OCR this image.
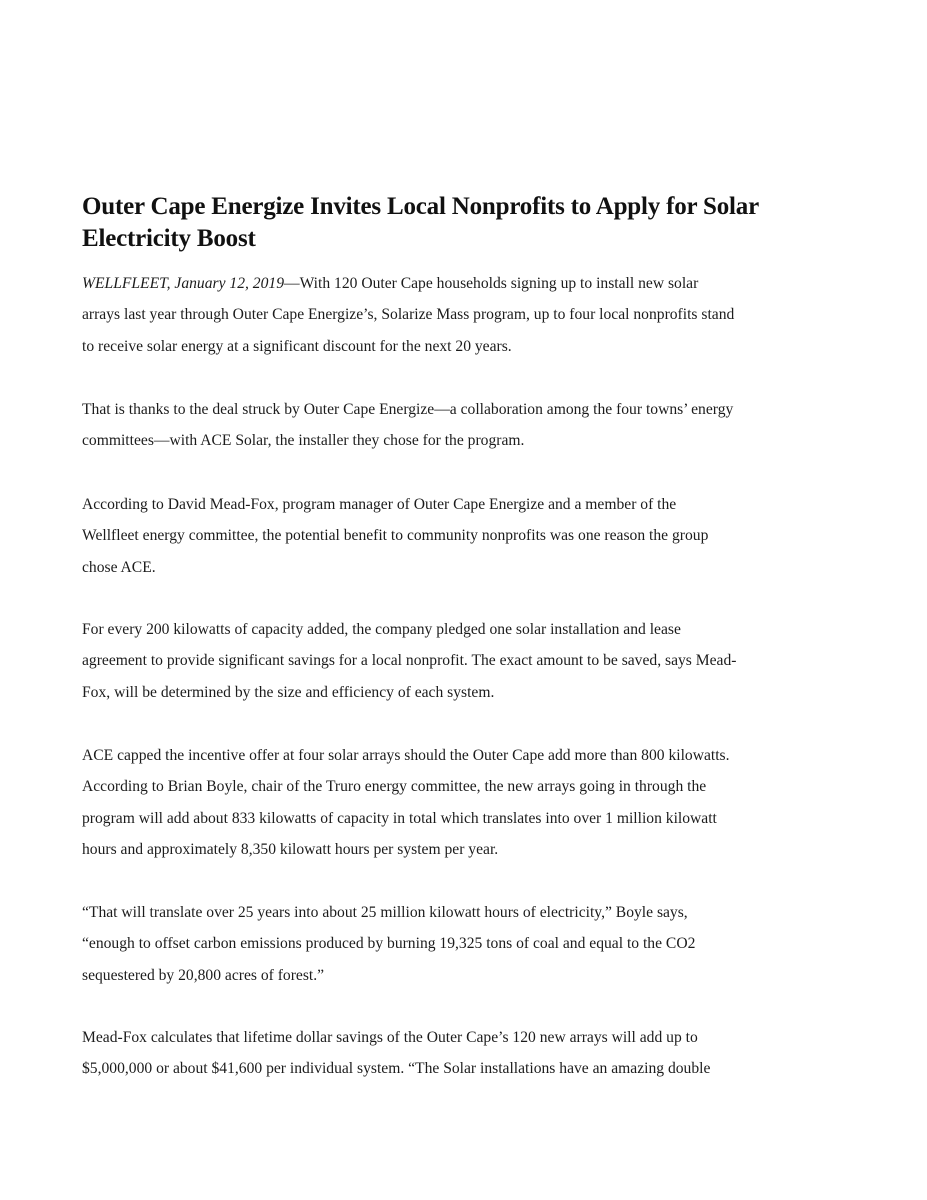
Outer Cape Energize Invites Local Nonprofits to Apply for Solar
Electricity Boost

WELLFLEET, January 12, 2019—With 120 Outer Cape households signing up to install new solar
arrays last year through Outer Cape Energize’s, Solarize Mass program, up to four local nonprofits stand
to receive solar energy at a significant discount for the next 20 years.

That is thanks to the deal struck by Outer Cape Energize—a collaboration among the four towns’ energy
committees—with ACE Solar, the installer they chose for the program.

According to David Mead-Fox, program manager of Outer Cape Energize and a member of the
Wellfleet energy committee, the potential benefit to community nonprofits was one reason the group
chose ACE.

For every 200 kilowatts of capacity added, the company pledged one solar installation and lease
agreement to provide significant savings for a local nonprofit. The exact amount to be saved, says Mead-
Fox, will be determined by the size and efficiency of each system.

ACE capped the incentive offer at four solar arrays should the Outer Cape add more than 800 kilowatts.
According to Brian Boyle, chair of the Truro energy committee, the new arrays going in through the
program will add about 833 kilowatts of capacity in total which translates into over 1 million kilowatt
hours and approximately 8,350 kilowatt hours per system per year.

“That will translate over 25 years into about 25 million kilowatt hours of electricity,” Boyle says,
“enough to offset carbon emissions produced by burning 19,325 tons of coal and equal to the CO2
sequestered by 20,800 acres of forest.”

Mead-Fox calculates that lifetime dollar savings of the Outer Cape’s 120 new arrays will add up to
$5,000,000 or about $41,600 per individual system. “The Solar installations have an amazing double
